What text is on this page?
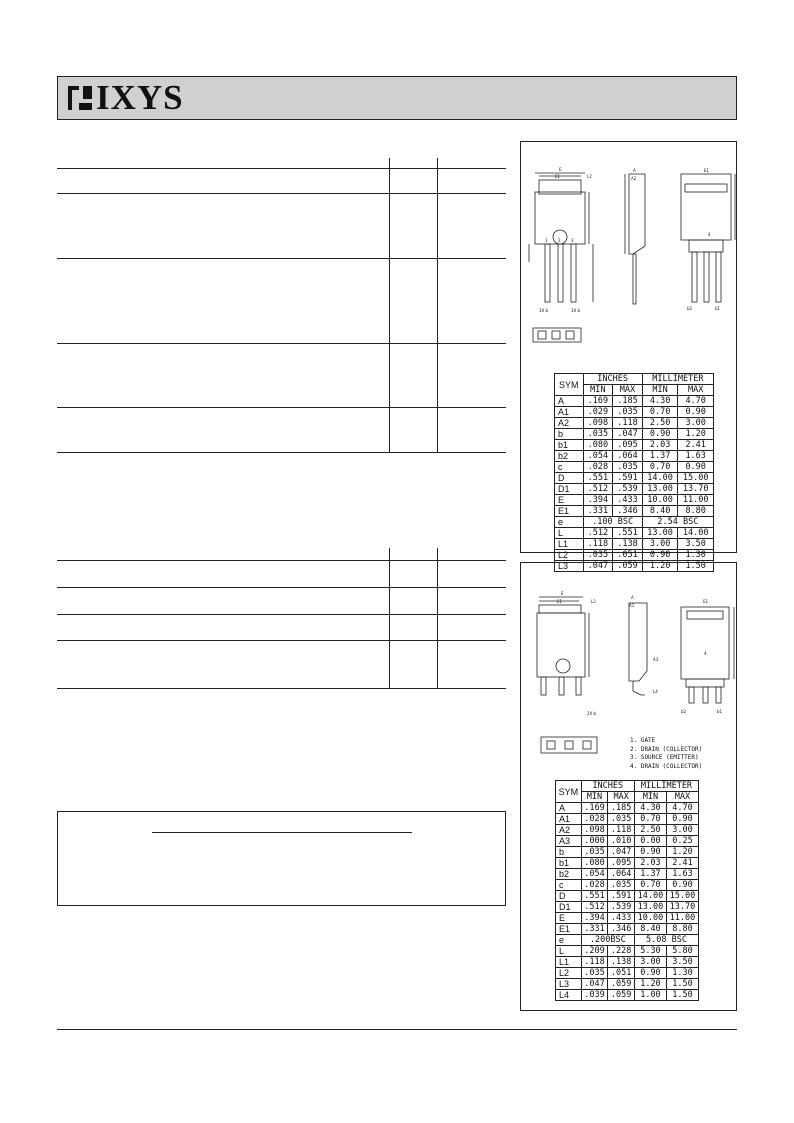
IXYS
E
E1	L2
1	2	3
A
A2
E1
4
3X b	3X b	b2	b1
SYM	INCHES		MILLIMETER	
	MIN	MAX	MIN	MAX
A	.169	.185	4.30	4.70
A1	.029	.035	0.70	0.90
A2	.098	.118	2.50	3.00
b	.035	.047	0.90	1.20
b1	.080	.095	2.03	2.41
b2	.054	.064	1.37	1.63
c	.028	.035	0.70	0.90
D	.551	.591	14.00	15.00
D1	.512	.539	13.00	13.70
E	.394	.433	10.00	11.00
E1	.331	.346	8.40	8.80
e	.100 BSC		2.54 BSC	
L	.512	.551	13.00	14.00
L1	.118	.138	3.00	3.50
L2	.035	.051	0.90	1.30
L3	.047	.059	1.20	1.50
E
E1	L2
A
A1
A3
L4
E1
4
2X b	b2	b1
1. GATE
2. DRAIN (COLLECTOR)
3. SOURCE (EMITTER)
4. DRAIN (COLLECTOR)
SYM	INCHES		MILLIMETER	
	MIN	MAX	MIN	MAX
A	.169	.185	4.30	4.70
A1	.028	.035	0.70	0.90
A2	.098	.118	2.50	3.00
A3	.000	.010	0.00	0.25
b	.035	.047	0.90	1.20
b1	.080	.095	2.03	2.41
b2	.054	.064	1.37	1.63
c	.028	.035	0.70	0.90
D	.551	.591	14.00	15.00
D1	.512	.539	13.00	13.70
E	.394	.433	10.00	11.00
E1	.331	.346	8.40	8.80
e	.200BSC		5.08 BSC	
L	.209	.228	5.30	5.80
L1	.118	.138	3.00	3.50
L2	.035	.051	0.90	1.30
L3	.047	.059	1.20	1.50
L4	.039	.059	1.00	1.50
